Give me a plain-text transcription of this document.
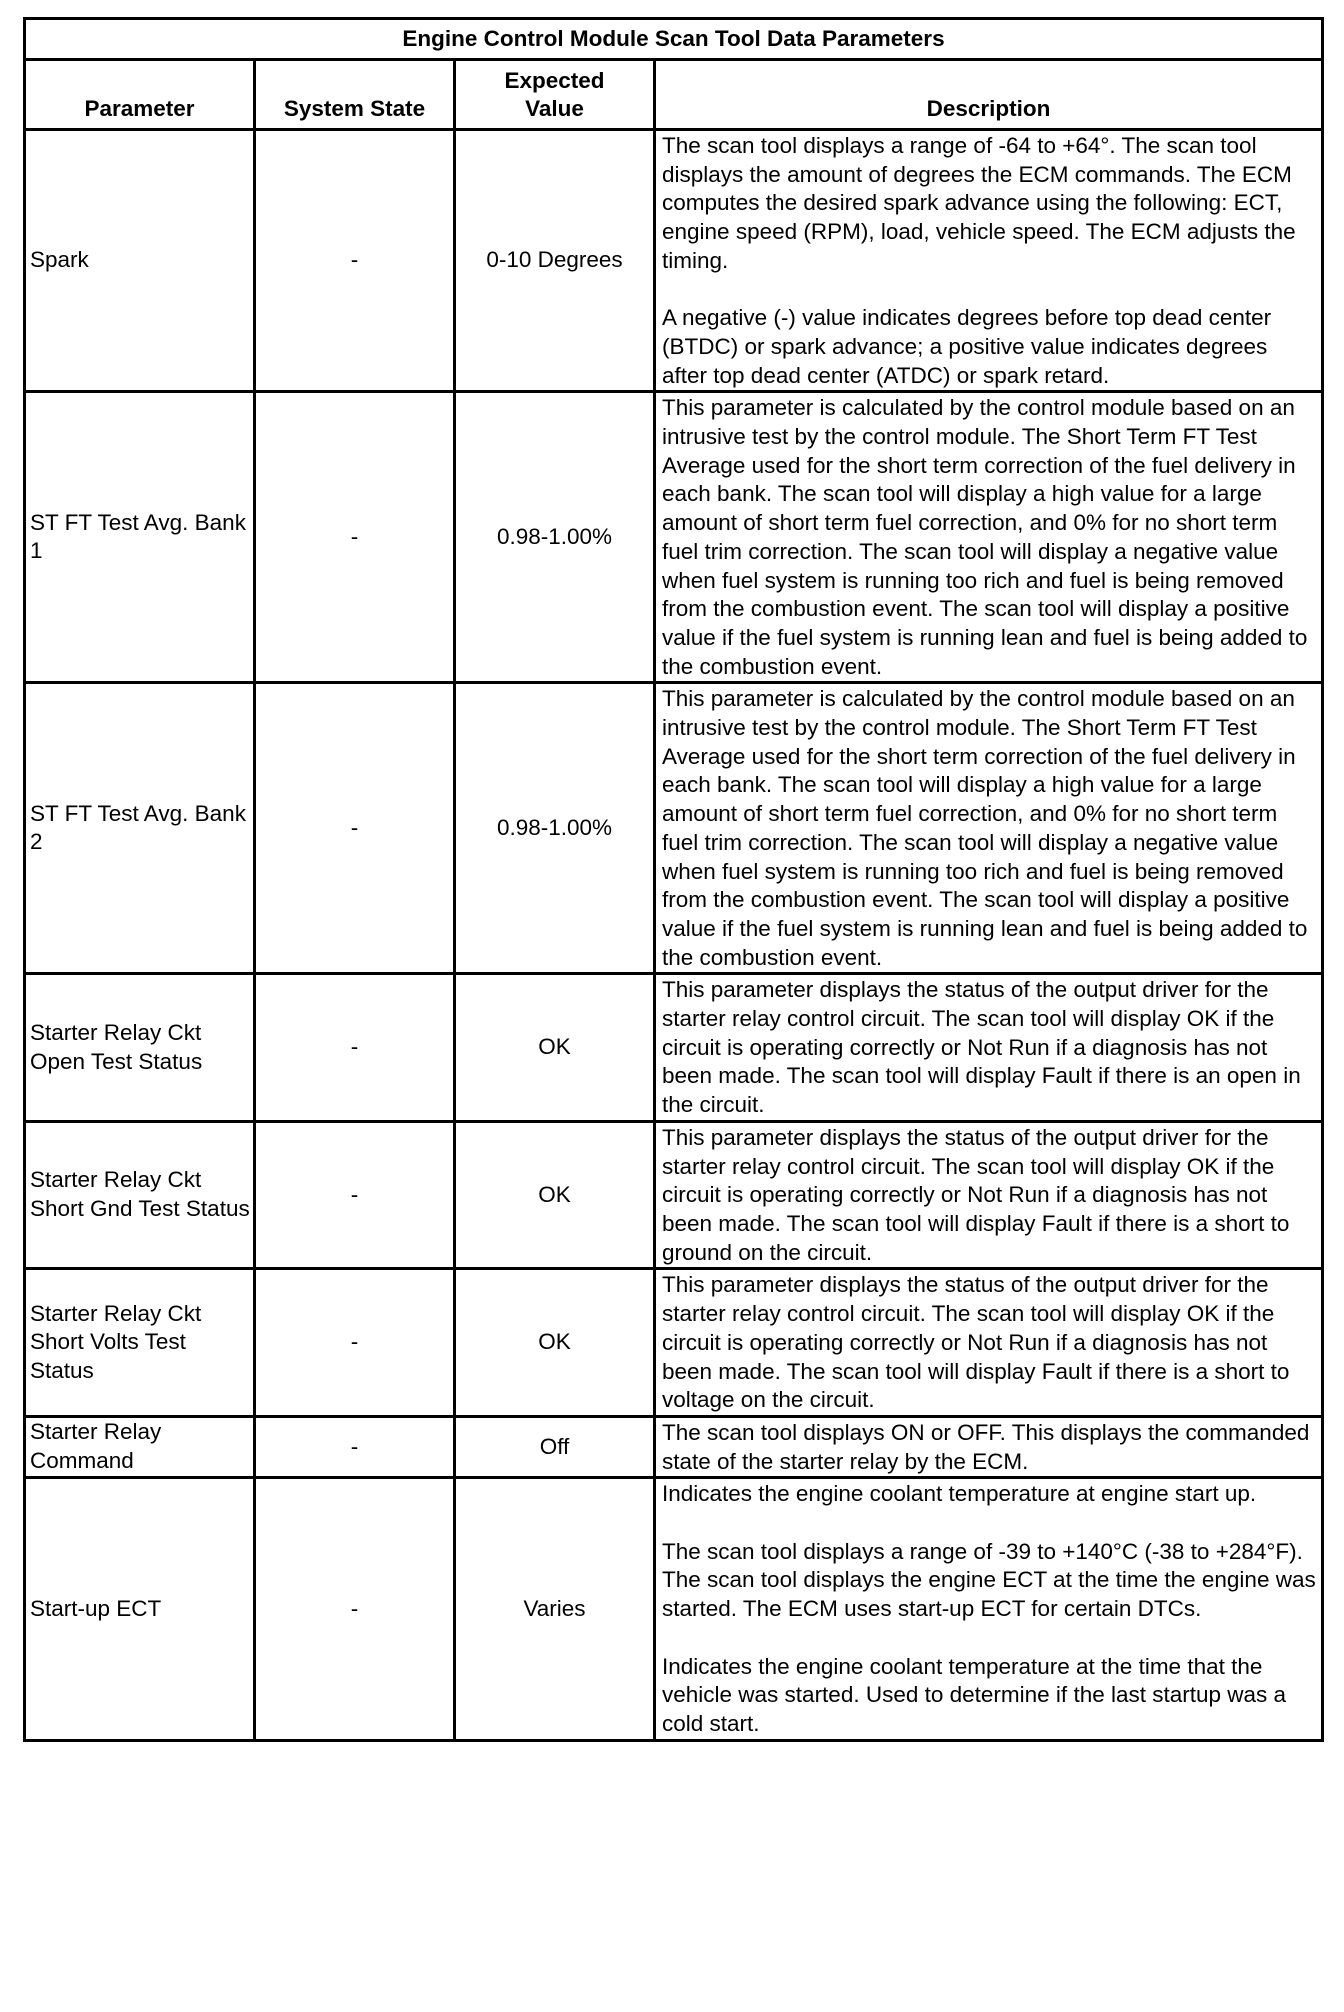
Engine Control Module Scan Tool Data Parameters			
Parameter	System State	Expected Value	Description
Spark	-	0-10 Degrees	The scan tool displays a range of -64 to +64°. The scan tool displays the amount of degrees the ECM commands. The ECM computes the desired spark advance using the following: ECT, engine speed (RPM), load, vehicle speed. The ECM adjusts the timing.

A negative (-) value indicates degrees before top dead center (BTDC) or spark advance; a positive value indicates degrees after top dead center (ATDC) or spark retard.

ST FT Test Avg. Bank 1	-	0.98-1.00%	This parameter is calculated by the control module based on an intrusive test by the control module. The Short Term FT Test Average used for the short term correction of the fuel delivery in each bank. The scan tool will display a high value for a large amount of short term fuel correction, and 0% for no short term fuel trim correction. The scan tool will display a negative value when fuel system is running too rich and fuel is being removed from the combustion event. The scan tool will display a positive value if the fuel system is running lean and fuel is being added to the combustion event.

ST FT Test Avg. Bank 2	-	0.98-1.00%	This parameter is calculated by the control module based on an intrusive test by the control module. The Short Term FT Test Average used for the short term correction of the fuel delivery in each bank. The scan tool will display a high value for a large amount of short term fuel correction, and 0% for no short term fuel trim correction. The scan tool will display a negative value when fuel system is running too rich and fuel is being removed from the combustion event. The scan tool will display a positive value if the fuel system is running lean and fuel is being added to the combustion event.

Starter Relay Ckt Open Test Status	-	OK	This parameter displays the status of the output driver for the starter relay control circuit. The scan tool will display OK if the circuit is operating correctly or Not Run if a diagnosis has not been made. The scan tool will display Fault if there is an open in the circuit.

Starter Relay Ckt Short Gnd Test Status	-	OK	This parameter displays the status of the output driver for the starter relay control circuit. The scan tool will display OK if the circuit is operating correctly or Not Run if a diagnosis has not been made. The scan tool will display Fault if there is a short to ground on the circuit.

Starter Relay Ckt Short Volts Test Status	-	OK	This parameter displays the status of the output driver for the starter relay control circuit. The scan tool will display OK if the circuit is operating correctly or Not Run if a diagnosis has not been made. The scan tool will display Fault if there is a short to voltage on the circuit.

Starter Relay Command	-	Off	The scan tool displays ON or OFF. This displays the commanded state of the starter relay by the ECM.

Start-up ECT	-	Varies	Indicates the engine coolant temperature at engine start up.

The scan tool displays a range of -39 to +140°C (-38 to +284°F). The scan tool displays the engine ECT at the time the engine was started. The ECM uses start-up ECT for certain DTCs.

Indicates the engine coolant temperature at the time that the vehicle was started. Used to determine if the last startup was a cold start.
